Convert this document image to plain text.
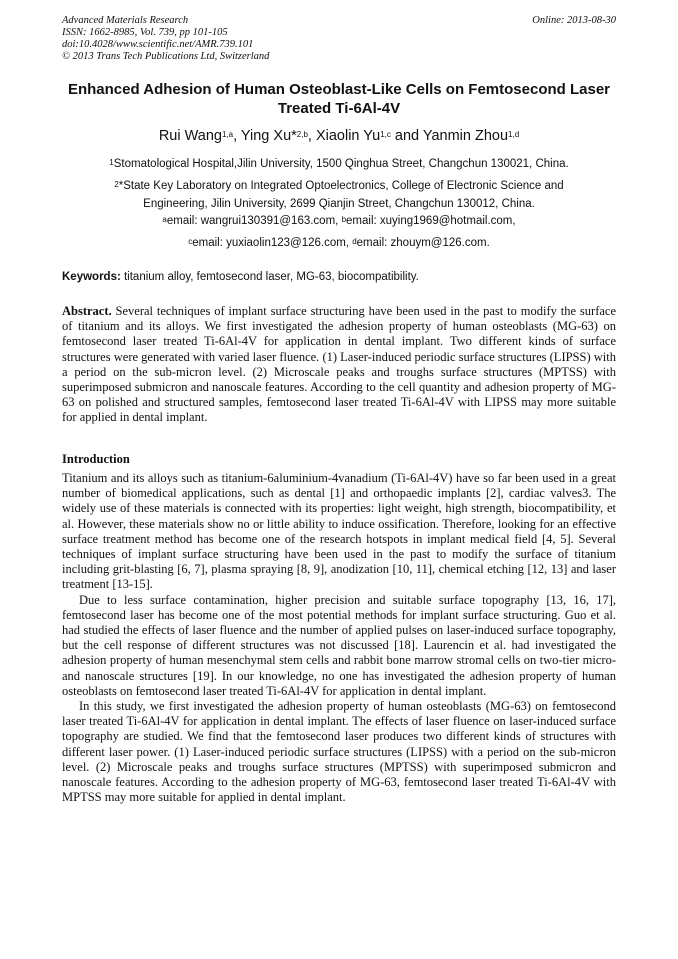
Advanced Materials Research	Online: 2013-08-30
ISSN: 1662-8985, Vol. 739, pp 101-105
doi:10.4028/www.scientific.net/AMR.739.101
© 2013 Trans Tech Publications Ltd, Switzerland
Enhanced Adhesion of Human Osteoblast-Like Cells on Femtosecond Laser Treated Ti-6Al-4V
Rui Wang$^{1,a}$, Ying Xu*$^{2,b}$, Xiaolin Yu$^{1,c}$ and Yanmin Zhou$^{1,d}$
$^1$Stomatological Hospital,Jilin University, 1500 Qinghua Street, Changchun 130021, China.
$^2$*State Key Laboratory on Integrated Optoelectronics, College of Electronic Science and Engineering, Jilin University, 2699 Qianjin Street, Changchun 130012, China.
$^a$email: wangrui130391@163.com, $^b$email: xuying1969@hotmail.com,
$^c$email: yuxiaolin123@126.com, $^d$email: zhouym@126.com.
Keywords: titanium alloy, femtosecond laser, MG-63, biocompatibility.
Abstract. Several techniques of implant surface structuring have been used in the past to modify the surface of titanium and its alloys. We first investigated the adhesion property of human osteoblasts (MG-63) on femtosecond laser treated Ti-6Al-4V for application in dental implant. Two different kinds of surface structures were generated with varied laser fluence. (1) Laser-induced periodic surface structures (LIPSS) with a period on the sub-micron level. (2) Microscale peaks and troughs surface structures (MPTSS) with superimposed submicron and nanoscale features. According to the cell quantity and adhesion property of MG-63 on polished and structured samples, femtosecond laser treated Ti-6Al-4V with LIPSS may more suitable for applied in dental implant.
Introduction

Titanium and its alloys such as titanium-6aluminium-4vanadium (Ti-6Al-4V) have so far been used in a great number of biomedical applications, such as dental [1] and orthopaedic implants [2], cardiac valves3. The widely use of these materials is connected with its properties: light weight, high strength, biocompatibility, et al. However, these materials show no or little ability to induce ossification. Therefore, looking for an effective surface treatment method has become one of the research hotspots in implant medical field [4, 5]. Several techniques of implant surface structuring have been used in the past to modify the surface of titanium including grit-blasting [6, 7], plasma spraying [8, 9], anodization [10, 11], chemical etching [12, 13] and laser treatment [13-15].

Due to less surface contamination, higher precision and suitable surface topography [13, 16, 17], femtosecond laser has become one of the most potential methods for implant surface structuring. Guo et al. had studied the effects of laser fluence and the number of applied pulses on laser-induced surface topography, but the cell response of different structures was not discussed [18]. Laurencin et al. had investigated the adhesion property of human mesenchymal stem cells and rabbit bone marrow stromal cells on two-tier micro- and nanoscale structures [19]. In our knowledge, no one has investigated the adhesion property of human osteoblasts on femtosecond laser treated Ti-6Al-4V for application in dental implant.

In this study, we first investigated the adhesion property of human osteoblasts (MG-63) on femtosecond laser treated Ti-6Al-4V for application in dental implant. The effects of laser fluence on laser-induced surface topography are studied. We find that the femtosecond laser produces two different kinds of structures with different laser power. (1) Laser-induced periodic surface structures (LIPSS) with a period on the sub-micron level. (2) Microscale peaks and troughs surface structures (MPTSS) with superimposed submicron and nanoscale features. According to the adhesion property of MG-63, femtosecond laser treated Ti-6Al-4V with MPTSS may more suitable for applied in dental implant.
